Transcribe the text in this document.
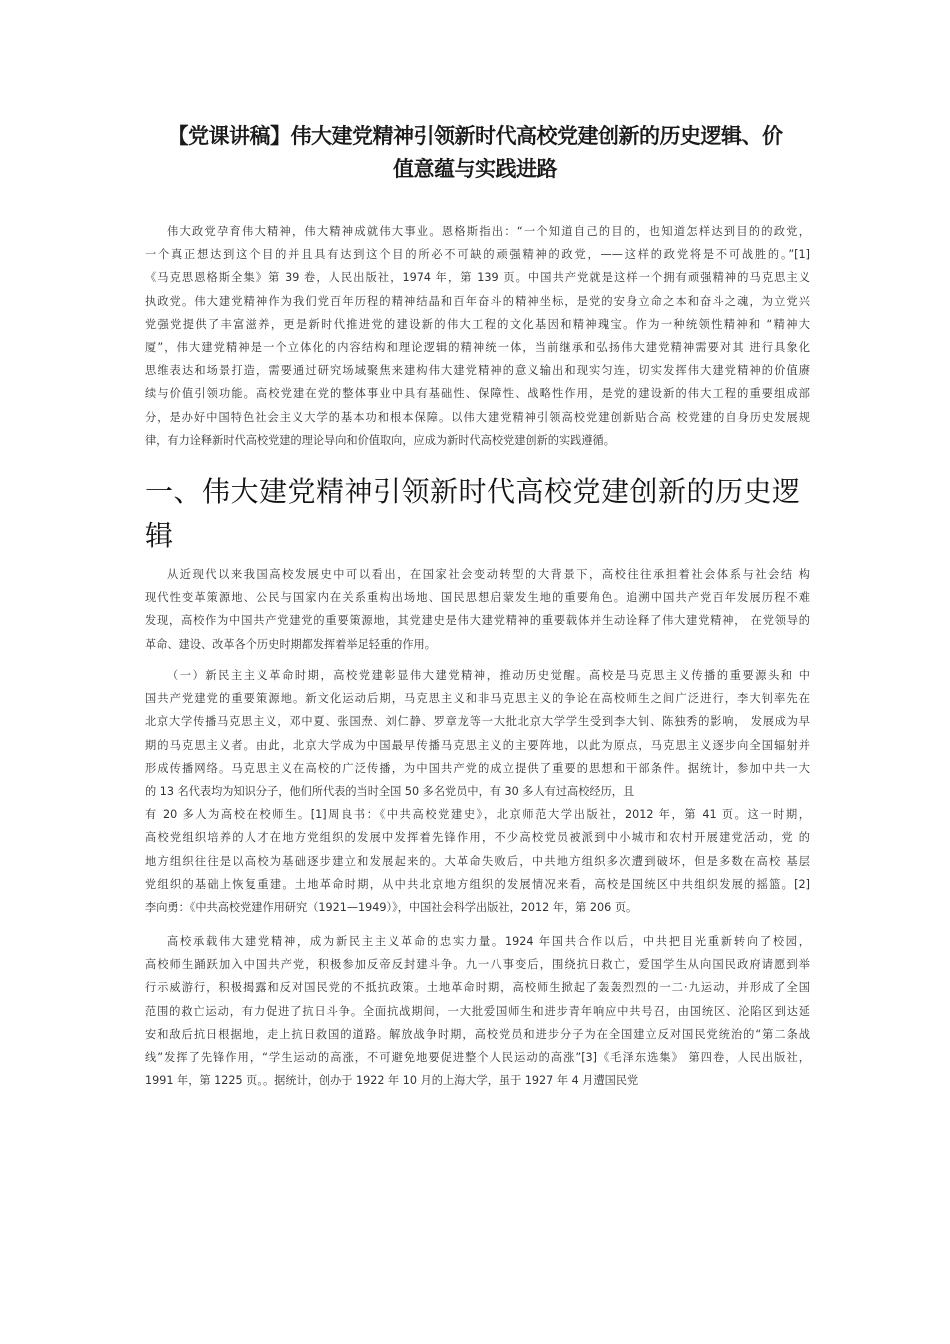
【党课讲稿】伟大建党精神引领新时代高校党建创新的历史逻辑、价
值意蕴与实践进路
伟大政党孕育伟大精神，伟大精神成就伟大事业。恩格斯指出：“一个知道自己的目的，也知道怎样达到目的的政党，
一个真正想达到这个目的并且具有达到这个目的所必不可缺的顽强精神的政党，——这样的政党将是不可战胜的。”[1]
《马克思恩格斯全集》第 39 卷，人民出版社，1974 年，第 139 页。中国共产党就是这样一个拥有顽强精神的马克思主义
执政党。伟大建党精神作为我们党百年历程的精神结晶和百年奋斗的精神坐标，是党的安身立命之本和奋斗之魂，为立党兴
党强党提供了丰富滋养，更是新时代推进党的建设新的伟大工程的文化基因和精神瑰宝。作为一种统领性精神和 “精神大
厦”，伟大建党精神是一个立体化的内容结构和理论逻辑的精神统一体，当前继承和弘扬伟大建党精神需要对其 进行具象化
思维表达和场景打造，需要通过研究场域聚焦来建构伟大建党精神的意义输出和现实匀连，切实发挥伟大建党精神的价值赓
续与价值引领功能。高校党建在党的整体事业中具有基础性、保障性、战略性作用，是党的建设新的伟大工程的重要组成部
分，是办好中国特色社会主义大学的基本功和根本保障。以伟大建党精神引领高校党建创新贴合高 校党建的自身历史发展规
律，有力诠释新时代高校党建的理论导向和价值取向，应成为新时代高校党建创新的实践遵循。
一、伟大建党精神引领新时代高校党建创新的历史逻
辑
从近现代以来我国高校发展史中可以看出，在国家社会变动转型的大背景下，高校往往承担着社会体系与社会结 构
现代性变革策源地、公民与国家内在关系重构出场地、国民思想启蒙发生地的重要角色。追溯中国共产党百年发展历程不难
发现，高校作为中国共产党建党的重要策源地，其党建史是伟大建党精神的重要载体并生动诠释了伟大建党精神， 在党领导的
革命、建设、改革各个历史时期都发挥着举足轻重的作用。
（一）新民主主义革命时期，高校党建彰显伟大建党精神，推动历史觉醒。高校是马克思主义传播的重要源头和 中
国共产党建党的重要策源地。新文化运动后期，马克思主义和非马克思主义的争论在高校师生之间广泛进行，李大钊率先在
北京大学传播马克思主义，邓中夏、张国焘、刘仁静、罗章龙等一大批北京大学学生受到李大钊、陈独秀的影响， 发展成为早
期的马克思主义者。由此，北京大学成为中国最早传播马克思主义的主要阵地，以此为原点，马克思主义逐步向全国辐射并
形成传播网络。马克思主义在高校的广泛传播，为中国共产党的成立提供了重要的思想和干部条件。据统计，参加中共一大
的 13 名代表均为知识分子，他们所代表的当时全国 50 多名党员中，有 30 多人有过高校经历，且
有 20 多人为高校在校师生。[1]周良书：《中共高校党建史》，北京师范大学出版社，2012 年，第 41 页。这一时期，
高校党组织培养的人才在地方党组织的发展中发挥着先锋作用，不少高校党员被派到中小城市和农村开展建党活动，党 的
地方组织往往是以高校为基础逐步建立和发展起来的。大革命失败后，中共地方组织多次遭到破坏，但是多数在高校 基层
党组织的基础上恢复重建。土地革命时期，从中共北京地方组织的发展情况来看，高校是国统区中共组织发展的摇篮。[2]
李向勇：《中共高校党建作用研究（1921—1949）》，中国社会科学出版社，2012 年，第 206 页。
高校承载伟大建党精神，成为新民主主义革命的忠实力量。1924 年国共合作以后，中共把目光重新转向了校园，
高校师生踊跃加入中国共产党，积极参加反帝反封建斗争。九一八事变后，围绕抗日救亡，爱国学生从向国民政府请愿到举
行示威游行，积极揭露和反对国民党的不抵抗政策。土地革命时期，高校师生掀起了轰轰烈烈的一二·九运动，并形成了全国
范围的救亡运动，有力促进了抗日斗争。全面抗战期间，一大批爱国师生和进步青年响应中共号召，由国统区、沦陷区到达延
安和敌后抗日根据地，走上抗日救国的道路。解放战争时期，高校党员和进步分子为在全国建立反对国民党统治的“第二条战
线”发挥了先锋作用，“学生运动的高涨，不可避免地要促进整个人民运动的高涨”[3]《毛泽东选集》 第四卷，人民出版社，
1991 年，第 1225 页。。据统计，创办于 1922 年 10 月的上海大学，虽于 1927 年 4 月遭国民党
